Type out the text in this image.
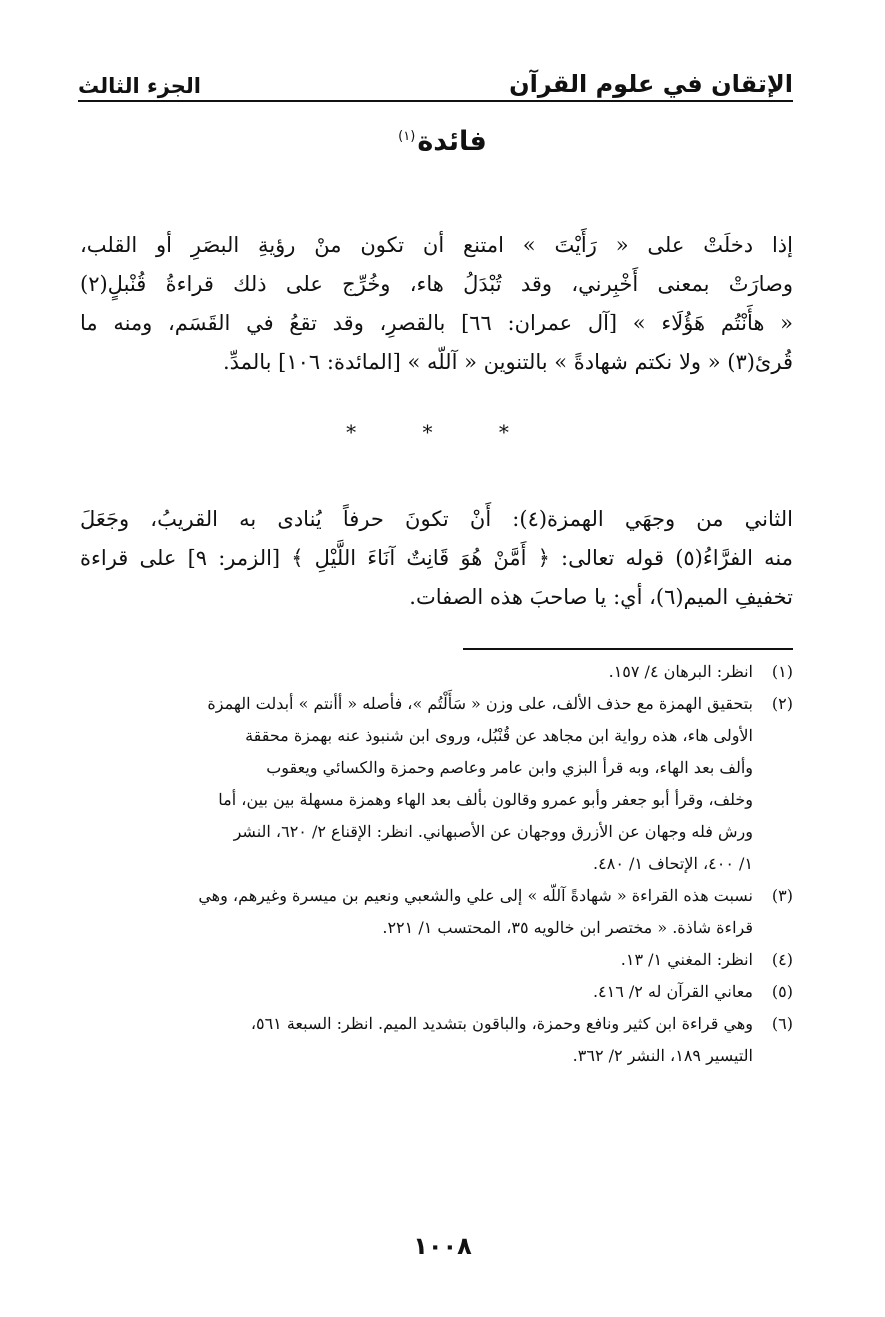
الإتقان في علوم القرآن
الجزء الثالث
فائدة$^{(١)}$
إذا دخلَتْ على « رَأَيْتَ » امتنع أن تكون منْ رؤيةِ البصَرِ أو القلب،
وصارَتْ بمعنى أَخْبِرني، وقد تُبْدَلُ هاء، وخُرِّج على ذلك قراءةُ قُنْبلٍ(٢)
« هأَنْتُم هَؤُلَاء » [آل عمران: ٦٦] بالقصرِ، وقد تقعُ في القَسَم، ومنه ما
قُرئ(٣) « ولا نكتم شهادةً » بالتنوين « آللّه » [المائدة: ١٠٦] بالمدِّ.
* * *
الثاني من وجهَي الهمزة(٤): أَنْ تكونَ حرفاً يُنادى به القريبُ، وجَعَلَ
منه الفرَّاءُ(٥) قوله تعالى: ﴿ أَمَّنْ هُوَ قَانِتٌ آنَاءَ اللَّيْلِ ﴾ [الزمر: ٩] على قراءة
تخفيفِ الميم(٦)، أي: يا صاحبَ هذه الصفات.
(١)انظر: البرهان ٤/ ١٥٧.
(٢)بتحقيق الهمزة مع حذف الألف، على وزن « سَأَلْتُم »، فأصله « أأنتم » أبدلت الهمزة
الأولى هاء، هذه رواية ابن مجاهد عن قُنْبُل، وروى ابن شنبوذ عنه بهمزة محققة
وألف بعد الهاء، وبه قرأ البزي وابن عامر وعاصم وحمزة والكسائي ويعقوب
وخلف، وقرأ أبو جعفر وأبو عمرو وقالون بألف بعد الهاء وهمزة مسهلة بين بين، أما
ورش فله وجهان عن الأزرق ووجهان عن الأصبهاني. انظر: الإقناع ٢/ ٦٢٠، النشر
١/ ٤٠٠، الإتحاف ١/ ٤٨٠.
(٣)نسبت هذه القراءة « شهادةً آللّه » إلى علي والشعبي ونعيم بن ميسرة وغيرهم، وهي
قراءة شاذة. « مختصر ابن خالويه ٣٥، المحتسب ١/ ٢٢١.
(٤)انظر: المغني ١/ ١٣.
(٥)معاني القرآن له ٢/ ٤١٦.
(٦)وهي قراءة ابن كثير ونافع وحمزة، والباقون بتشديد الميم. انظر: السبعة ٥٦١،
التيسير ١٨٩، النشر ٢/ ٣٦٢.
١٠٠٨
